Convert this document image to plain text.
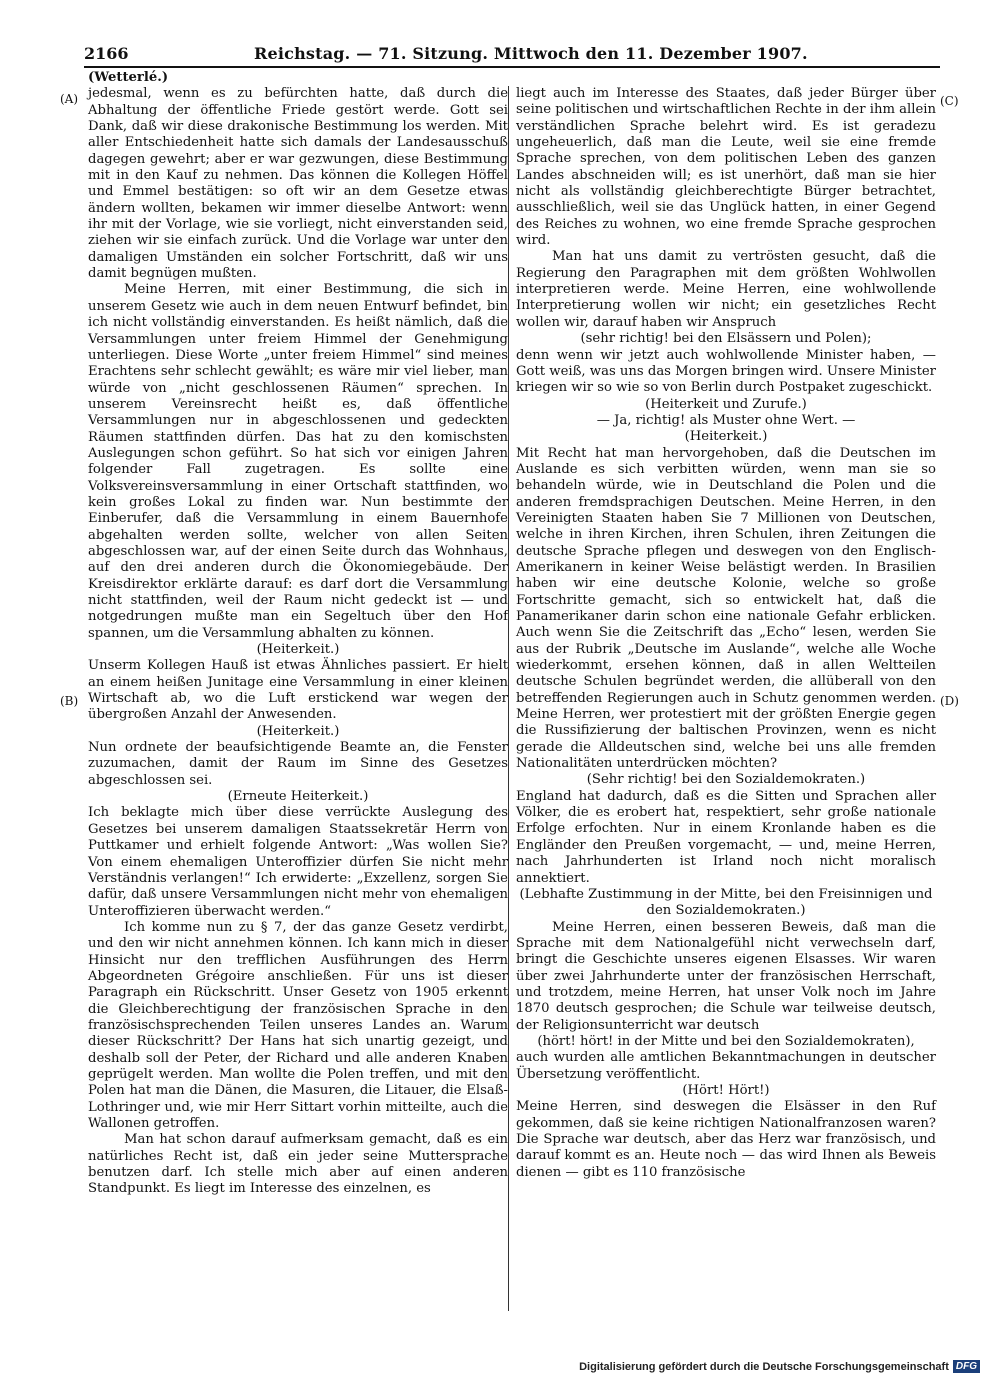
2166	Reichstag. — 71. Sitzung. Mittwoch den 11. Dezember 1907.
(A)
(B)
(C)
(D)

(Wetterlé.)

jedesmal, wenn es zu befürchten hatte, daß durch die Abhaltung der öffentliche Friede gestört werde. Gott sei Dank, daß wir diese drakonische Bestimmung los werden. Mit aller Entschiedenheit hatte sich damals der Landesausschuß dagegen gewehrt; aber er war gezwungen, diese Bestimmung mit in den Kauf zu nehmen. Das können die Kollegen Höffel und Emmel bestätigen: so oft wir an dem Gesetze etwas ändern wollten, bekamen wir immer dieselbe Antwort: wenn ihr mit der Vorlage, wie sie vorliegt, nicht einverstanden seid, ziehen wir sie einfach zurück. Und die Vorlage war unter den damaligen Umständen ein solcher Fortschritt, daß wir uns damit begnügen mußten.

Meine Herren, mit einer Bestimmung, die sich in unserem Gesetz wie auch in dem neuen Entwurf befindet, bin ich nicht vollständig einverstanden. Es heißt nämlich, daß die Versammlungen unter freiem Himmel der Genehmigung unterliegen. Diese Worte „unter freiem Himmel“ sind meines Erachtens sehr schlecht gewählt; es wäre mir viel lieber, man würde von „nicht geschlossenen Räumen“ sprechen. In unserem Vereinsrecht heißt es, daß öffentliche Versammlungen nur in abgeschlossenen und gedeckten Räumen stattfinden dürfen. Das hat zu den komischsten Auslegungen schon geführt. So hat sich vor einigen Jahren folgender Fall zugetragen. Es sollte eine Volksvereinsversammlung in einer Ortschaft stattfinden, wo kein großes Lokal zu finden war. Nun bestimmte der Einberufer, daß die Versammlung in einem Bauernhofe abgehalten werden sollte, welcher von allen Seiten abgeschlossen war, auf der einen Seite durch das Wohnhaus, auf den drei anderen durch die Ökonomiegebäude. Der Kreisdirektor erklärte darauf: es darf dort die Versammlung nicht stattfinden, weil der Raum nicht gedeckt ist — und notgedrungen mußte man ein Segeltuch über den Hof spannen, um die Versammlung abhalten zu können.

(Heiterkeit.)

Unserm Kollegen Hauß ist etwas Ähnliches passiert. Er hielt an einem heißen Junitage eine Versammlung in einer kleinen Wirtschaft ab, wo die Luft erstickend war wegen der übergroßen Anzahl der Anwesenden.

(Heiterkeit.)

Nun ordnete der beaufsichtigende Beamte an, die Fenster zuzumachen, damit der Raum im Sinne des Gesetzes abgeschlossen sei.

(Erneute Heiterkeit.)

Ich beklagte mich über diese verrückte Auslegung des Gesetzes bei unserem damaligen Staatssekretär Herrn von Puttkamer und erhielt folgende Antwort: „Was wollen Sie? Von einem ehemaligen Unteroffizier dürfen Sie nicht mehr Verständnis verlangen!“ Ich erwiderte: „Exzellenz, sorgen Sie dafür, daß unsere Versammlungen nicht mehr von ehemaligen Unteroffizieren überwacht werden.“

Ich komme nun zu § 7, der das ganze Gesetz verdirbt, und den wir nicht annehmen können. Ich kann mich in dieser Hinsicht nur den trefflichen Ausführungen des Herrn Abgeordneten Grégoire anschließen. Für uns ist dieser Paragraph ein Rückschritt. Unser Gesetz von 1905 erkennt die Gleichberechtigung der französischen Sprache in den französischsprechenden Teilen unseres Landes an. Warum dieser Rückschritt? Der Hans hat sich unartig gezeigt, und deshalb soll der Peter, der Richard und alle anderen Knaben geprügelt werden. Man wollte die Polen treffen, und mit den Polen hat man die Dänen, die Masuren, die Litauer, die Elsaß-Lothringer und, wie mir Herr Sittart vorhin mitteilte, auch die Wallonen getroffen.

Man hat schon darauf aufmerksam gemacht, daß es ein natürliches Recht ist, daß ein jeder seine Muttersprache benutzen darf. Ich stelle mich aber auf einen anderen Standpunkt. Es liegt im Interesse des einzelnen, es

liegt auch im Interesse des Staates, daß jeder Bürger über seine politischen und wirtschaftlichen Rechte in der ihm allein verständlichen Sprache belehrt wird. Es ist geradezu ungeheuerlich, daß man die Leute, weil sie eine fremde Sprache sprechen, von dem politischen Leben des ganzen Landes abschneiden will; es ist unerhört, daß man sie hier nicht als vollständig gleichberechtigte Bürger betrachtet, ausschließlich, weil sie das Unglück hatten, in einer Gegend des Reiches zu wohnen, wo eine fremde Sprache gesprochen wird.

Man hat uns damit zu vertrösten gesucht, daß die Regierung den Paragraphen mit dem größten Wohlwollen interpretieren werde. Meine Herren, eine wohlwollende Interpretierung wollen wir nicht; ein gesetzliches Recht wollen wir, darauf haben wir Anspruch

(sehr richtig! bei den Elsässern und Polen);

denn wenn wir jetzt auch wohlwollende Minister haben, — Gott weiß, was uns das Morgen bringen wird. Unsere Minister kriegen wir so wie so von Berlin durch Postpaket zugeschickt.

(Heiterkeit und Zurufe.)

— Ja, richtig! als Muster ohne Wert. —

(Heiterkeit.)

Mit Recht hat man hervorgehoben, daß die Deutschen im Auslande es sich verbitten würden, wenn man sie so behandeln würde, wie in Deutschland die Polen und die anderen fremdsprachigen Deutschen. Meine Herren, in den Vereinigten Staaten haben Sie 7 Millionen von Deutschen, welche in ihren Kirchen, ihren Schulen, ihren Zeitungen die deutsche Sprache pflegen und deswegen von den Englisch-Amerikanern in keiner Weise belästigt werden. In Brasilien haben wir eine deutsche Kolonie, welche so große Fortschritte gemacht, sich so entwickelt hat, daß die Panamerikaner darin schon eine nationale Gefahr erblicken. Auch wenn Sie die Zeitschrift das „Echo“ lesen, werden Sie aus der Rubrik „Deutsche im Auslande“, welche alle Woche wiederkommt, ersehen können, daß in allen Weltteilen deutsche Schulen begründet werden, die allüberall von den betreffenden Regierungen auch in Schutz genommen werden. Meine Herren, wer protestiert mit der größten Energie gegen die Russifizierung der baltischen Provinzen, wenn es nicht gerade die Alldeutschen sind, welche bei uns alle fremden Nationalitäten unterdrücken möchten?

(Sehr richtig! bei den Sozialdemokraten.)

England hat dadurch, daß es die Sitten und Sprachen aller Völker, die es erobert hat, respektiert, sehr große nationale Erfolge erfochten. Nur in einem Kronlande haben es die Engländer den Preußen vorgemacht, — und, meine Herren, nach Jahrhunderten ist Irland noch nicht moralisch annektiert.

(Lebhafte Zustimmung in der Mitte, bei den Freisinnigen und den Sozialdemokraten.)

Meine Herren, einen besseren Beweis, daß man die Sprache mit dem Nationalgefühl nicht verwechseln darf, bringt die Geschichte unseres eigenen Elsasses. Wir waren über zwei Jahrhunderte unter der französischen Herrschaft, und trotzdem, meine Herren, hat unser Volk noch im Jahre 1870 deutsch gesprochen; die Schule war teilweise deutsch, der Religionsunterricht war deutsch

(hört! hört! in der Mitte und bei den Sozialdemokraten),

auch wurden alle amtlichen Bekanntmachungen in deutscher Übersetzung veröffentlicht.

(Hört! Hört!)

Meine Herren, sind deswegen die Elsässer in den Ruf gekommen, daß sie keine richtigen Nationalfranzosen waren? Die Sprache war deutsch, aber das Herz war französisch, und darauf kommt es an. Heute noch — das wird Ihnen als Beweis dienen — gibt es 110 französische

Digitalisierung gefördert durch die Deutsche Forschungsgemeinschaft DFG
